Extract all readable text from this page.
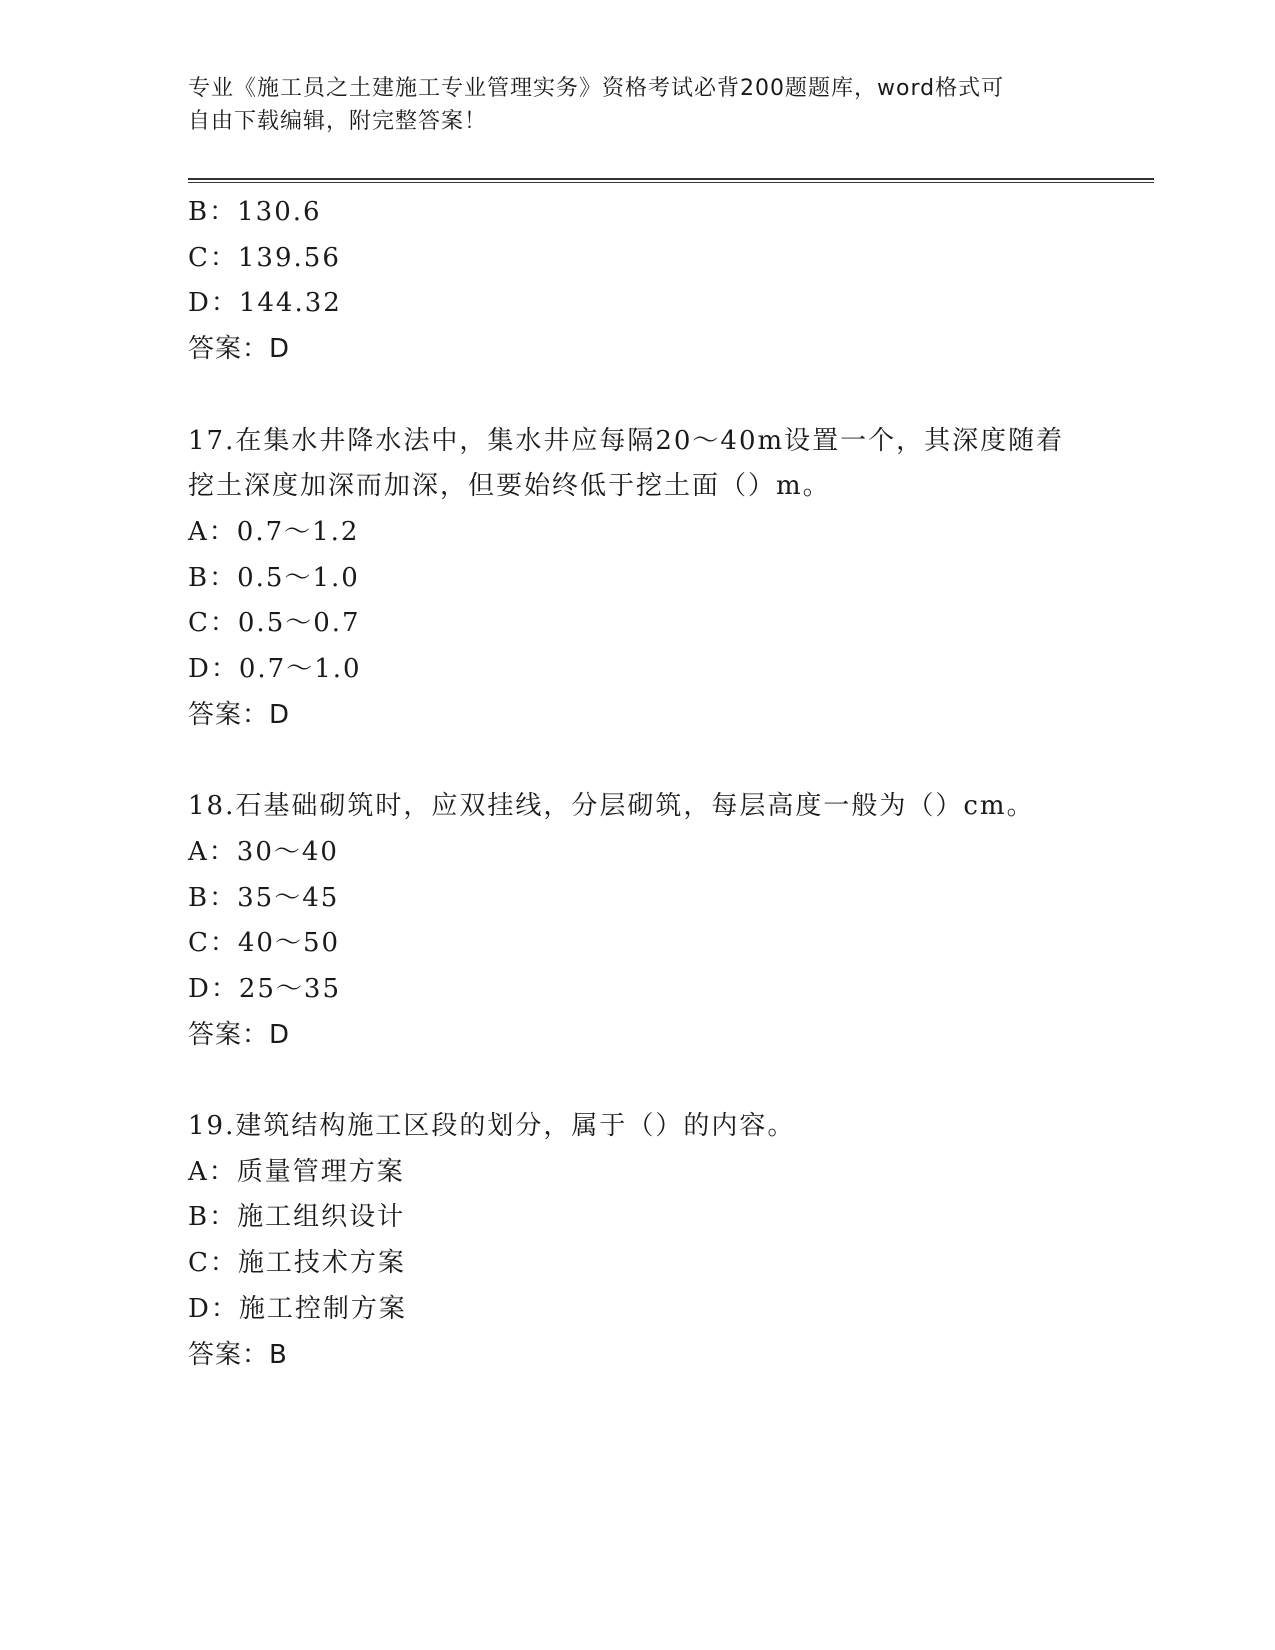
专业《施工员之土建施工专业管理实务》资格考试必背200题题库，word格式可
自由下载编辑，附完整答案！

B：130.6

C：139.56

D：144.32

答案：D

17.在集水井降水法中，集水井应每隔20～40m设置一个，其深度随着

挖土深度加深而加深，但要始终低于挖土面（）m。

A：0.7～1.2

B：0.5～1.0

C：0.5～0.7

D：0.7～1.0

答案：D

18.石基础砌筑时，应双挂线，分层砌筑，每层高度一般为（）cm。

A：30～40

B：35～45

C：40～50

D：25～35

答案：D

19.建筑结构施工区段的划分，属于（）的内容。

A：质量管理方案

B：施工组织设计

C：施工技术方案

D：施工控制方案

答案：B
